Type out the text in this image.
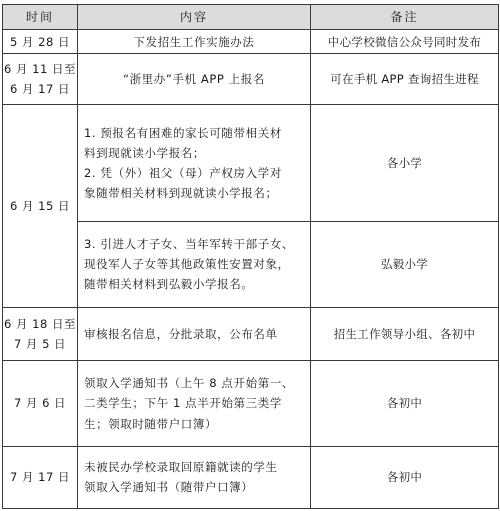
时间	内容	备注

5 月 28 日	下发招生工作实施办法	中心学校微信公众号同时发布

6 月 11 日至
6 月 17 日	“浙里办”手机 APP 上报名	可在手机 APP 查询招生进程

6 月 15 日	1. 预报名有困难的家长可随带相关材
料到现就读小学报名；
2. 凭（外）祖父（母）产权房入学对
象随带相关材料到现就读小学报名；	各小学

	3. 引进人才子女、当年军转干部子女、
现役军人子女等其他政策性安置对象，
随带相关材料到弘毅小学报名。	弘毅小学

6 月 18 日至
7 月 5 日	审核报名信息，分批录取，公布名单	招生工作领导小组、各初中

7 月 6 日	领取入学通知书（上午 8 点开始第一、
二类学生；下午 1 点半开始第三类学
生；领取时随带户口簿）	各初中

7 月 17 日	未被民办学校录取回原籍就读的学生
领取入学通知书（随带户口簿）	各初中
